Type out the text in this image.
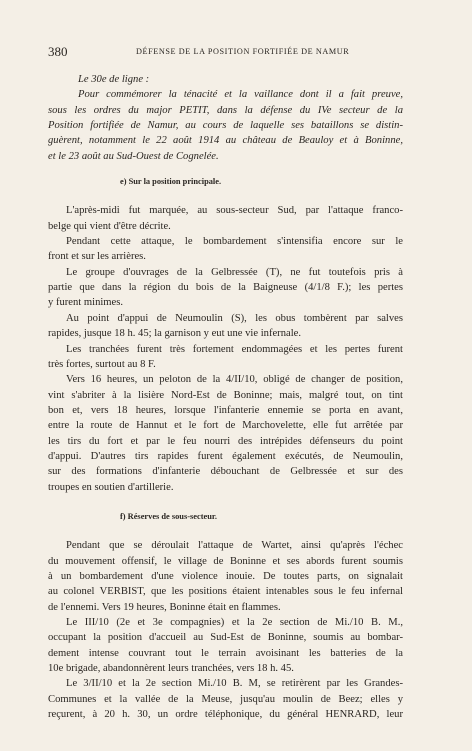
380	DÉFENSE DE LA POSITION FORTIFIÉE DE NAMUR

Le 30e de ligne :

Pour commémorer la ténacité et la vaillance dont il a fait preuve,

sous les ordres du major PETIT, dans la défense du IVe secteur de la

Position fortifiée de Namur, au cours de laquelle ses bataillons se distin-

guèrent, notamment le 22 août 1914 au château de Beauloy et à Boninne,

et le 23 août au Sud-Ouest de Cognelée.

e) Sur la position principale.

L'après-midi fut marquée, au sous-secteur Sud, par l'attaque franco-

belge qui vient d'être décrite.

Pendant cette attaque, le bombardement s'intensifia encore sur le

front et sur les arrières.

Le groupe d'ouvrages de la Gelbressée (T), ne fut toutefois pris à

partie que dans la région du bois de la Baigneuse (4/1/8 F.); les pertes

y furent minimes.

Au point d'appui de Neumoulin (S), les obus tombèrent par salves

rapides, jusque 18 h. 45; la garnison y eut une vie infernale.

Les tranchées furent très fortement endommagées et les pertes furent

très fortes, surtout au 8 F.

Vers 16 heures, un peloton de la 4/II/10, obligé de changer de position,

vint s'abriter à la lisière Nord-Est de Boninne; mais, malgré tout, on tint

bon et, vers 18 heures, lorsque l'infanterie ennemie se porta en avant,

entre la route de Hannut et le fort de Marchovelette, elle fut arrêtée par

les tirs du fort et par le feu nourri des intrépides défenseurs du point

d'appui. D'autres tirs rapides furent également exécutés, de Neumoulin,

sur des formations d'infanterie débouchant de Gelbressée et sur des

troupes en soutien d'artillerie.

f) Réserves de sous-secteur.

Pendant que se déroulait l'attaque de Wartet, ainsi qu'après l'échec

du mouvement offensif, le village de Boninne et ses abords furent soumis

à un bombardement d'une violence inouie. De toutes parts, on signalait

au colonel VERBIST, que les positions étaient intenables sous le feu infernal

de l'ennemi. Vers 19 heures, Boninne était en flammes.

Le III/10 (2e et 3e compagnies) et la 2e section de Mi./10 B. M.,

occupant la position d'accueil au Sud-Est de Boninne, soumis au bombar-

dement intense couvrant tout le terrain avoisinant les batteries de la

10e brigade, abandonnèrent leurs tranchées, vers 18 h. 45.

Le 3/II/10 et la 2e section Mi./10 B. M, se retirèrent par les Grandes-

Communes et la vallée de la Meuse, jusqu'au moulin de Beez; elles y

reçurent, à 20 h. 30, un ordre téléphonique, du général HENRARD, leur
